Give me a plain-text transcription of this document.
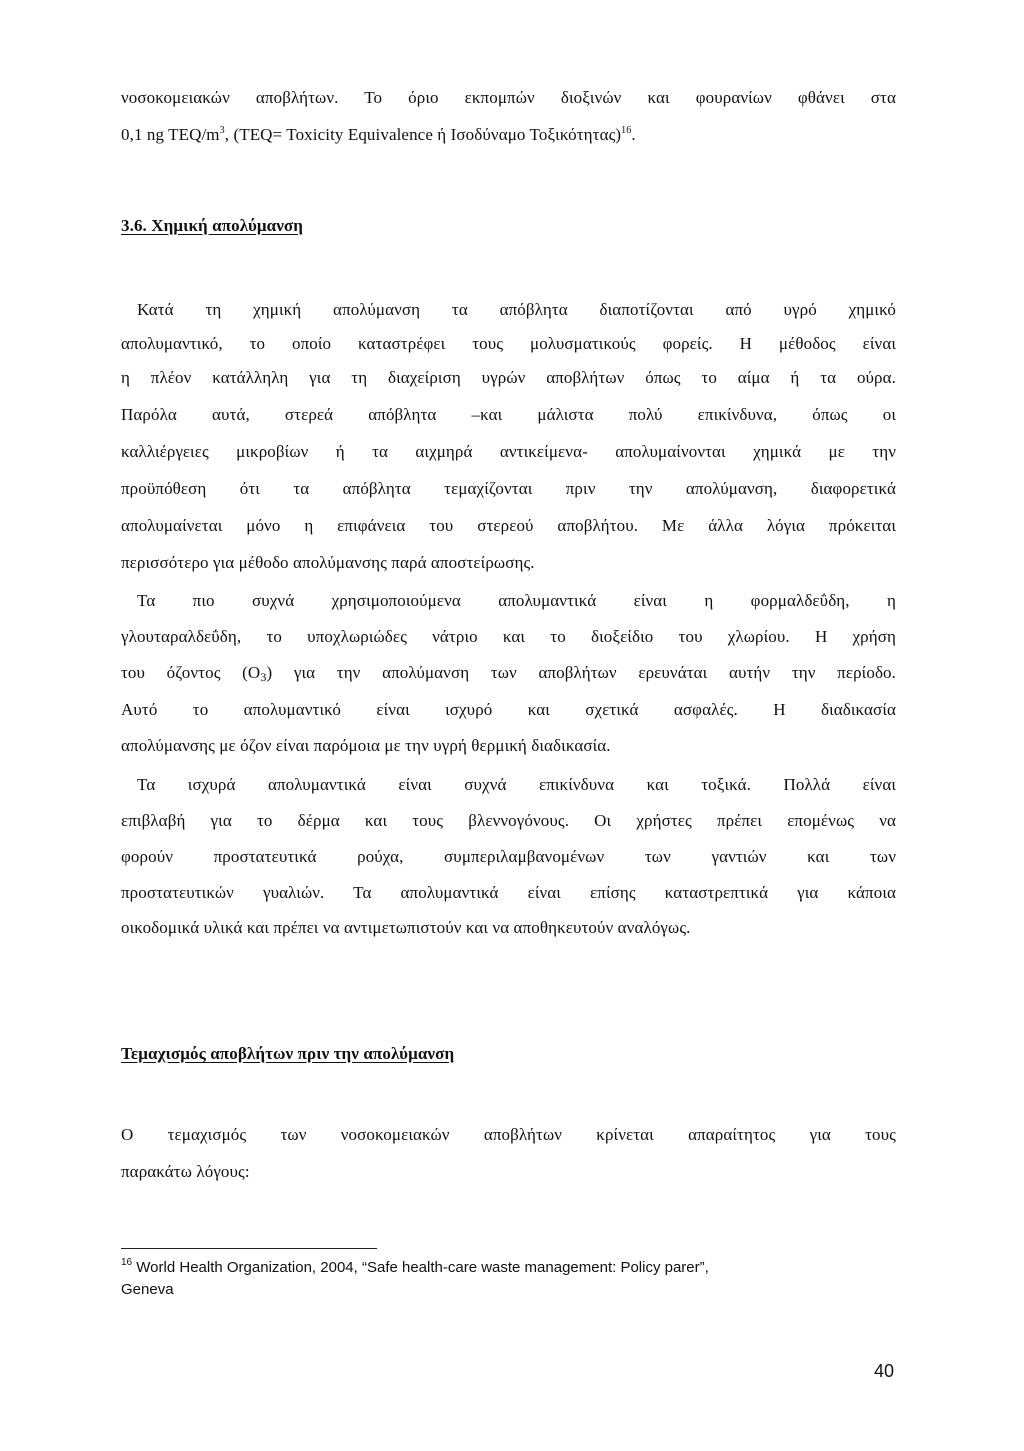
νοσοκομειακών αποβλήτων. Το όριο εκπομπών διοξινών και φουρανίων φθάνει στα
0,1 ng TEQ/$m^3$, (TEQ= Toxicity Equivalence ή Ισοδύναμο Τοξικότητας)$^{16}$.
3.6. Χημική απολύμανση
Κατά τη χημική απολύμανση τα απόβλητα διαποτίζονται από υγρό χημικό
απολυμαντικό, το οποίο καταστρέφει τους μολυσματικούς φορείς. Η μέθοδος είναι
η πλέον κατάλληλη για τη διαχείριση υγρών αποβλήτων όπως το αίμα ή τα ούρα.
Παρόλα αυτά, στερεά απόβλητα –και μάλιστα πολύ επικίνδυνα, όπως οι
καλλιέργειες μικροβίων ή τα αιχμηρά αντικείμενα- απολυμαίνονται χημικά με την
προϋπόθεση ότι τα απόβλητα τεμαχίζονται πριν την απολύμανση, διαφορετικά
απολυμαίνεται μόνο η επιφάνεια του στερεού αποβλήτου. Με άλλα λόγια πρόκειται
περισσότερο για μέθοδο απολύμανσης παρά αποστείρωσης.
Τα πιο συχνά χρησιμοποιούμενα απολυμαντικά είναι η φορμαλδεΰδη, η
γλουταραλδεΰδη, το υποχλωριώδες νάτριο και το διοξείδιο του χλωρίου. Η χρήση
του όζοντος $(O_3)$ για την απολύμανση των αποβλήτων ερευνάται αυτήν την περίοδο.
Αυτό το απολυμαντικό είναι ισχυρό και σχετικά ασφαλές. Η διαδικασία
απολύμανσης με όζον είναι παρόμοια με την υγρή θερμική διαδικασία.
Τα ισχυρά απολυμαντικά είναι συχνά επικίνδυνα και τοξικά. Πολλά είναι
επιβλαβή για το δέρμα και τους βλεννογόνους. Οι χρήστες πρέπει επομένως να
φορούν προστατευτικά ρούχα, συμπεριλαμβανομένων των γαντιών και των
προστατευτικών γυαλιών. Τα απολυμαντικά είναι επίσης καταστρεπτικά για κάποια
οικοδομικά υλικά και πρέπει να αντιμετωπιστούν και να αποθηκευτούν αναλόγως.
Τεμαχισμός αποβλήτων πριν την απολύμανση
Ο τεμαχισμός των νοσοκομειακών αποβλήτων κρίνεται απαραίτητος για τους
παρακάτω λόγους:
$^{16}$ World Health Organization, 2004, “Safe health-care waste management: Policy parer”,
Geneva
40
